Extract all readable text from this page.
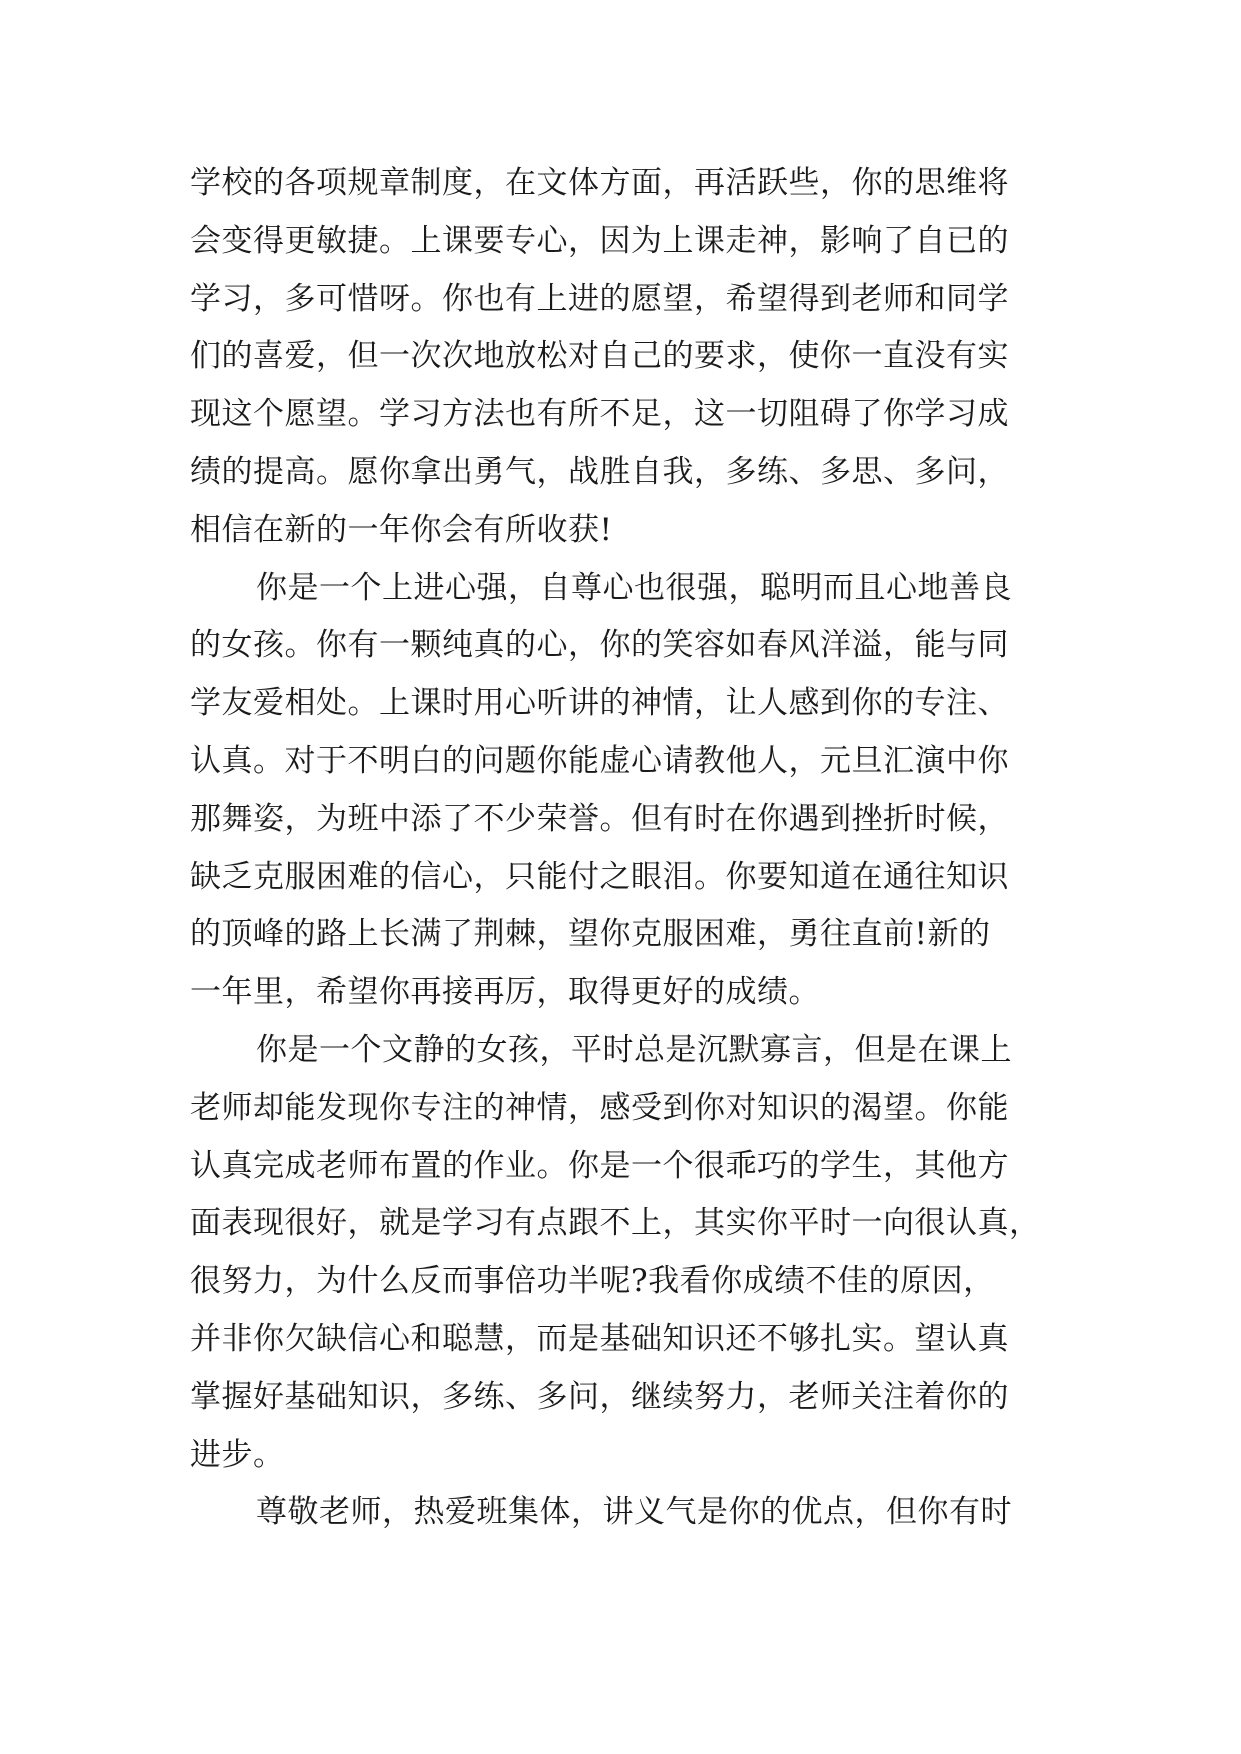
学校的各项规章制度，在文体方面，再活跃些，你的思维将
会变得更敏捷。上课要专心，因为上课走神，影响了自已的
学习，多可惜呀。你也有上进的愿望，希望得到老师和同学
们的喜爱，但一次次地放松对自己的要求，使你一直没有实
现这个愿望。学习方法也有所不足，这一切阻碍了你学习成
绩的提高。愿你拿出勇气，战胜自我，多练、多思、多问，
相信在新的一年你会有所收获!
你是一个上进心强，自尊心也很强，聪明而且心地善良
的女孩。你有一颗纯真的心，你的笑容如春风洋溢，能与同
学友爱相处。上课时用心听讲的神情，让人感到你的专注、
认真。对于不明白的问题你能虚心请教他人，元旦汇演中你
那舞姿，为班中添了不少荣誉。但有时在你遇到挫折时候，
缺乏克服困难的信心，只能付之眼泪。你要知道在通往知识
的顶峰的路上长满了荆棘，望你克服困难，勇往直前!新的
一年里，希望你再接再厉，取得更好的成绩。
你是一个文静的女孩，平时总是沉默寡言，但是在课上
老师却能发现你专注的神情，感受到你对知识的渴望。你能
认真完成老师布置的作业。你是一个很乖巧的学生，其他方
面表现很好，就是学习有点跟不上，其实你平时一向很认真，
很努力，为什么反而事倍功半呢?我看你成绩不佳的原因，
并非你欠缺信心和聪慧，而是基础知识还不够扎实。望认真
掌握好基础知识，多练、多问，继续努力，老师关注着你的
进步。
尊敬老师，热爱班集体，讲义气是你的优点，但你有时
